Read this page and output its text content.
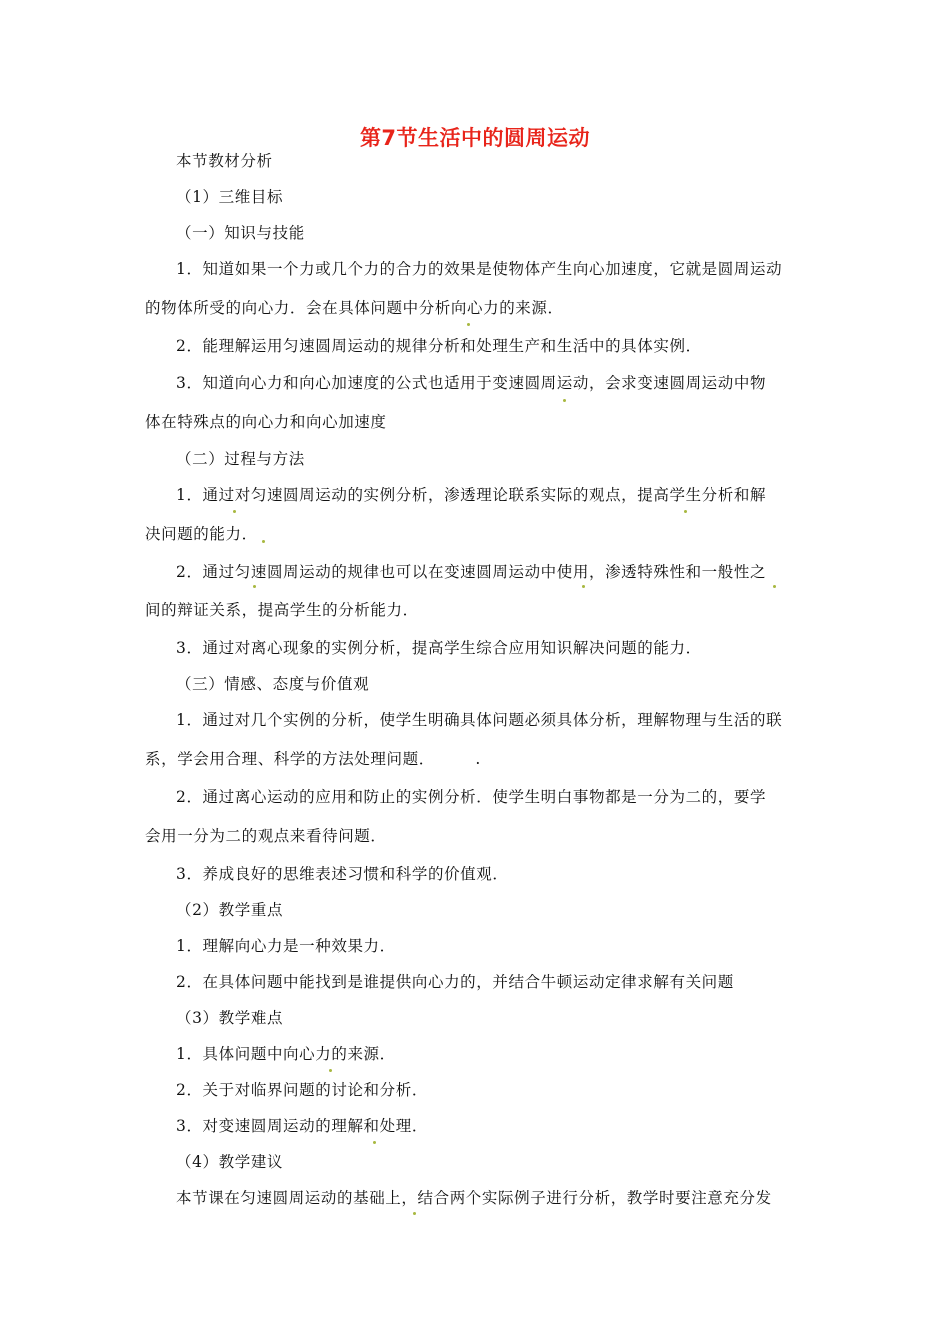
第7节生活中的圆周运动
本节教材分析
（1）三维目标
（一）知识与技能
1．知道如果一个力或几个力的合力的效果是使物体产生向心加速度，它就是圆周运动
的物体所受的向心力．会在具体问题中分析向心力的来源．
2．能理解运用匀速圆周运动的规律分析和处理生产和生活中的具体实例．
3．知道向心力和向心加速度的公式也适用于变速圆周运动，会求变速圆周运动中物
体在特殊点的向心力和向心加速度
（二）过程与方法
1．通过对匀速圆周运动的实例分析，渗透理论联系实际的观点，提高学生分析和解
决问题的能力．
2．通过匀速圆周运动的规律也可以在变速圆周运动中使用，渗透特殊性和一般性之
间的辩证关系，提高学生的分析能力．
3．通过对离心现象的实例分析，提高学生综合应用知识解决问题的能力．
（三）情感、态度与价值观
1．通过对几个实例的分析，使学生明确具体问题必须具体分析，理解物理与生活的联
系，学会用合理、科学的方法处理问题．　　　.
2．通过离心运动的应用和防止的实例分析．使学生明白事物都是一分为二的，要学
会用一分为二的观点来看待问题．
3．养成良好的思维表述习惯和科学的价值观．
（2）教学重点
1．理解向心力是一种效果力．
2．在具体问题中能找到是谁提供向心力的，并结合牛顿运动定律求解有关问题
（3）教学难点
1．具体问题中向心力的来源．
2．关于对临界问题的讨论和分析．
3．对变速圆周运动的理解和处理．
（4）教学建议
本节课在匀速圆周运动的基础上，结合两个实际例子进行分析，教学时要注意充分发
